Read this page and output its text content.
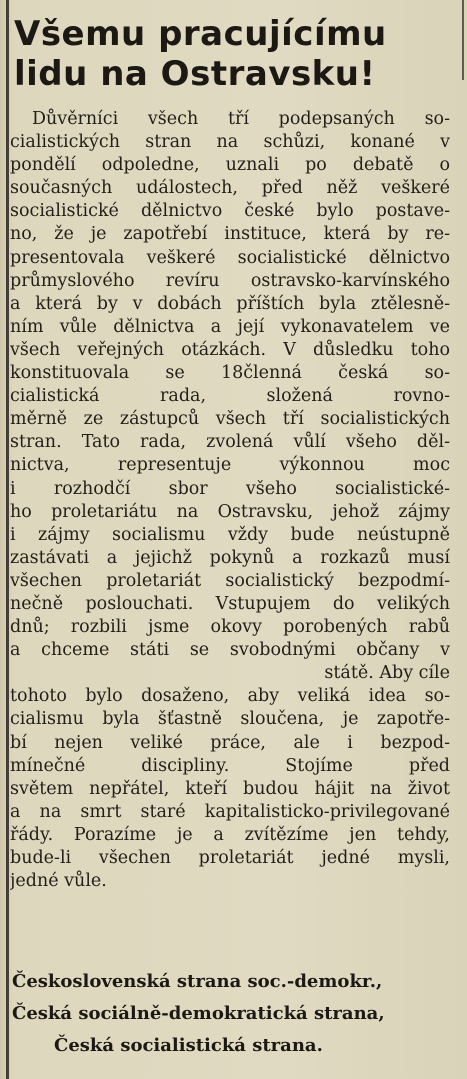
Všemu pracujícímu
lidu na Ostravsku!
Důvěrníci všech tří podepsaných so-
cialistických stran na schůzi, konané v
pondělí odpoledne, uznali po debatě o
současných událostech, před něž veškeré
socialistické dělnictvo české bylo postave-
no, že je zapotřebí instituce, která by re-
presentovala veškeré socialistické dělnictvo
průmyslového revíru ostravsko-karvínského
a která by v dobách příštích byla ztělesně-
ním vůle dělnictva a její vykonavatelem ve
všech veřejných otázkách. V důsledku toho
konstituovala se 18členná česká so-
cialistická rada, složená rovno-
měrně ze zástupců všech tří socialistických
stran. Tato rada, zvolená vůlí všeho děl-
nictva, representuje výkonnou moc
i rozhodčí sbor všeho socialistické-
ho proletariátu na Ostravsku, jehož zájmy
i zájmy socialismu vždy bude neústupně
zastávati a jejichž pokynů a rozkazů musí
všechen proletariát socialistický bezpodmí-
nečně poslouchati. Vstupujem do velikých
dnů; rozbili jsme okovy porobených rabů
a chceme státi se svobodnými občany v
státě. Aby cíle
tohoto bylo dosaženo, aby veliká idea so-
cialismu byla šťastně sloučena, je zapotře-
bí nejen veliké práce, ale i bezpod-
mínečné discipliny. Stojíme před
světem nepřátel, kteří budou hájit na život
a na smrt staré kapitalisticko-privilegované
řády. Porazíme je a zvítězíme jen tehdy,
bude-li všechen proletariát jedné mysli,
jedné vůle.
Československá strana soc.-demokr.,
Česká sociálně-demokratická strana,
Česká socialistická strana.
